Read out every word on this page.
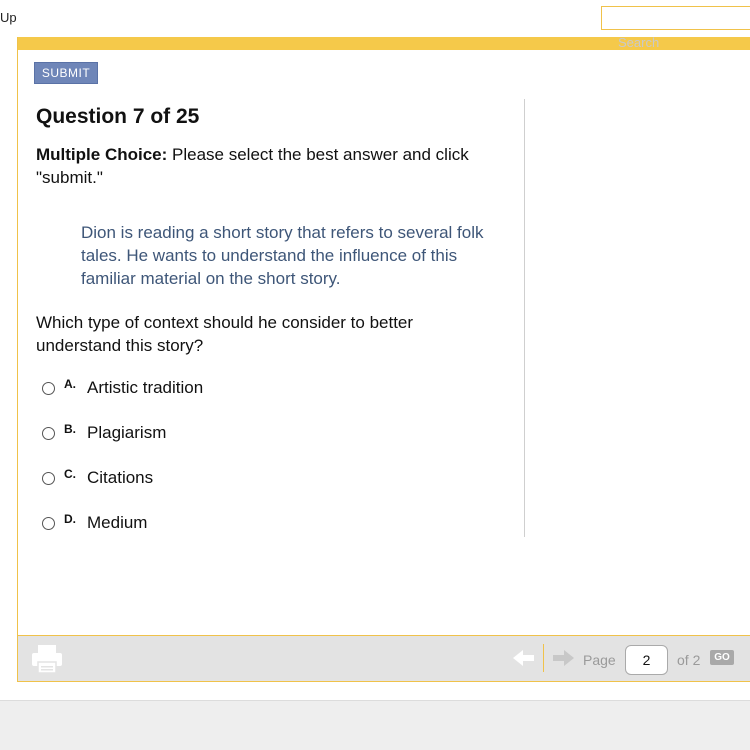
Up
Search
SUBMIT
Question 7 of 25
Multiple Choice: Please select the best answer and click "submit."
Dion is reading a short story that refers to several folk tales. He wants to understand the influence of this familiar material on the short story.
Which type of context should he consider to better understand this story?
A. Artistic tradition
B. Plagiarism
C. Citations
D. Medium
Page
2	of 2	GO
